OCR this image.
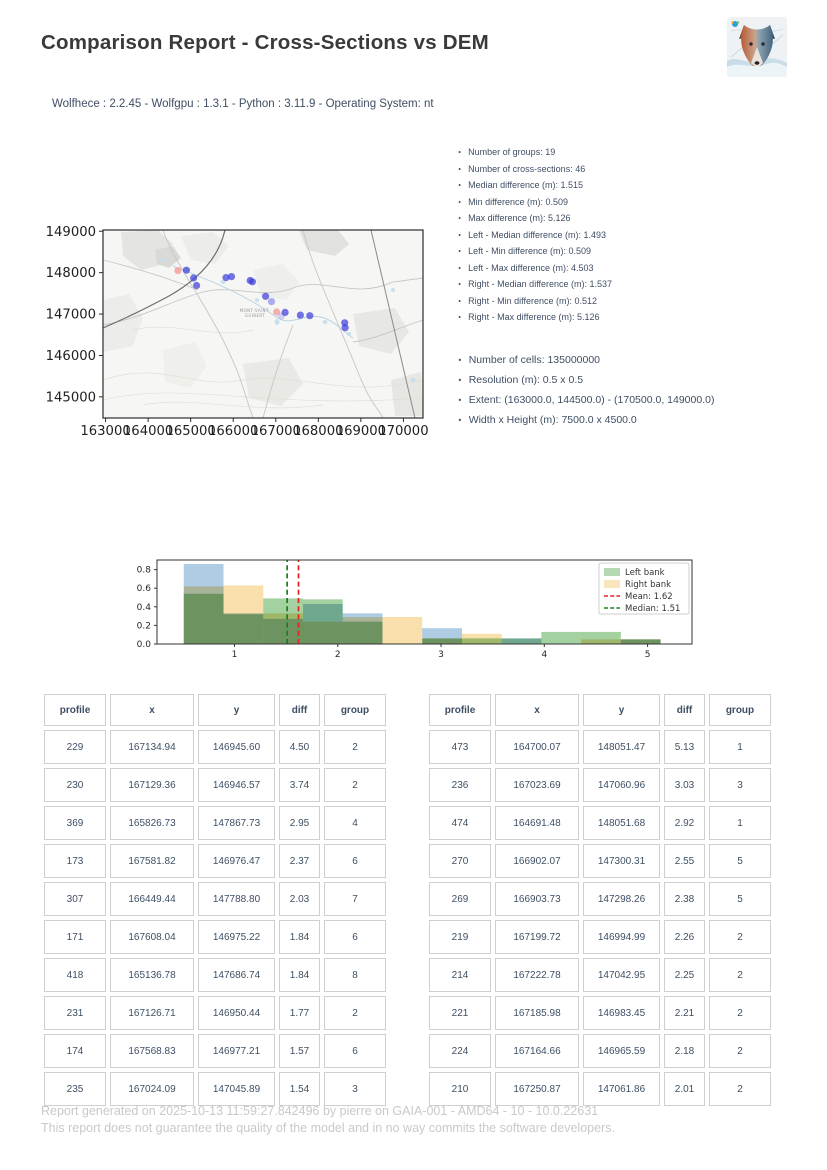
Comparison Report - Cross-Sections vs DEM
Wolfhece : 2.2.45 - Wolfgpu : 1.3.1 - Python : 3.11.9 - Operating System: nt
MONT-SAINT-GUIBERT
163000
164000
165000
166000
167000
168000
169000
170000
145000
146000
147000
148000
149000
• Number of groups: 19
• Number of cross-sections: 46
• Median difference (m): 1.515
• Min difference (m): 0.509
• Max difference (m): 5.126
• Left - Median difference (m): 1.493
• Left - Min difference (m): 0.509
• Left - Max difference (m): 4.503
• Right - Median difference (m): 1.537
• Right - Min difference (m): 0.512
• Right - Max difference (m): 5.126
• Number of cells: 135000000
• Resolution (m): 0.5 x 0.5
• Extent: (163000.0, 144500.0) - (170500.0, 149000.0)
• Width x Height (m): 7500.0 x 4500.0
1	2	3	4	5
0.0
0.2
0.4
0.6
0.8	Left bank
Right bank
Mean: 1.62
Median: 1.51
profile	x	y	diff	group
229	167134.94	146945.60	4.50	2
230	167129.36	146946.57	3.74	2
369	165826.73	147867.73	2.95	4
173	167581.82	146976.47	2.37	6
307	166449.44	147788.80	2.03	7
171	167608.04	146975.22	1.84	6
418	165136.78	147686.74	1.84	8
231	167126.71	146950.44	1.77	2
174	167568.83	146977.21	1.57	6
235	167024.09	147045.89	1.54	3
profile	x	y	diff	group
473	164700.07	148051.47	5.13	1
236	167023.69	147060.96	3.03	3
474	164691.48	148051.68	2.92	1
270	166902.07	147300.31	2.55	5
269	166903.73	147298.26	2.38	5
219	167199.72	146994.99	2.26	2
214	167222.78	147042.95	2.25	2
221	167185.98	146983.45	2.21	2
224	167164.66	146965.59	2.18	2
210	167250.87	147061.86	2.01	2
Report generated on 2025-10-13 11:59:27.842496 by pierre on GAIA-001 - AMD64 - 10 - 10.0.22631
This report does not guarantee the quality of the model and in no way commits the software developers.
